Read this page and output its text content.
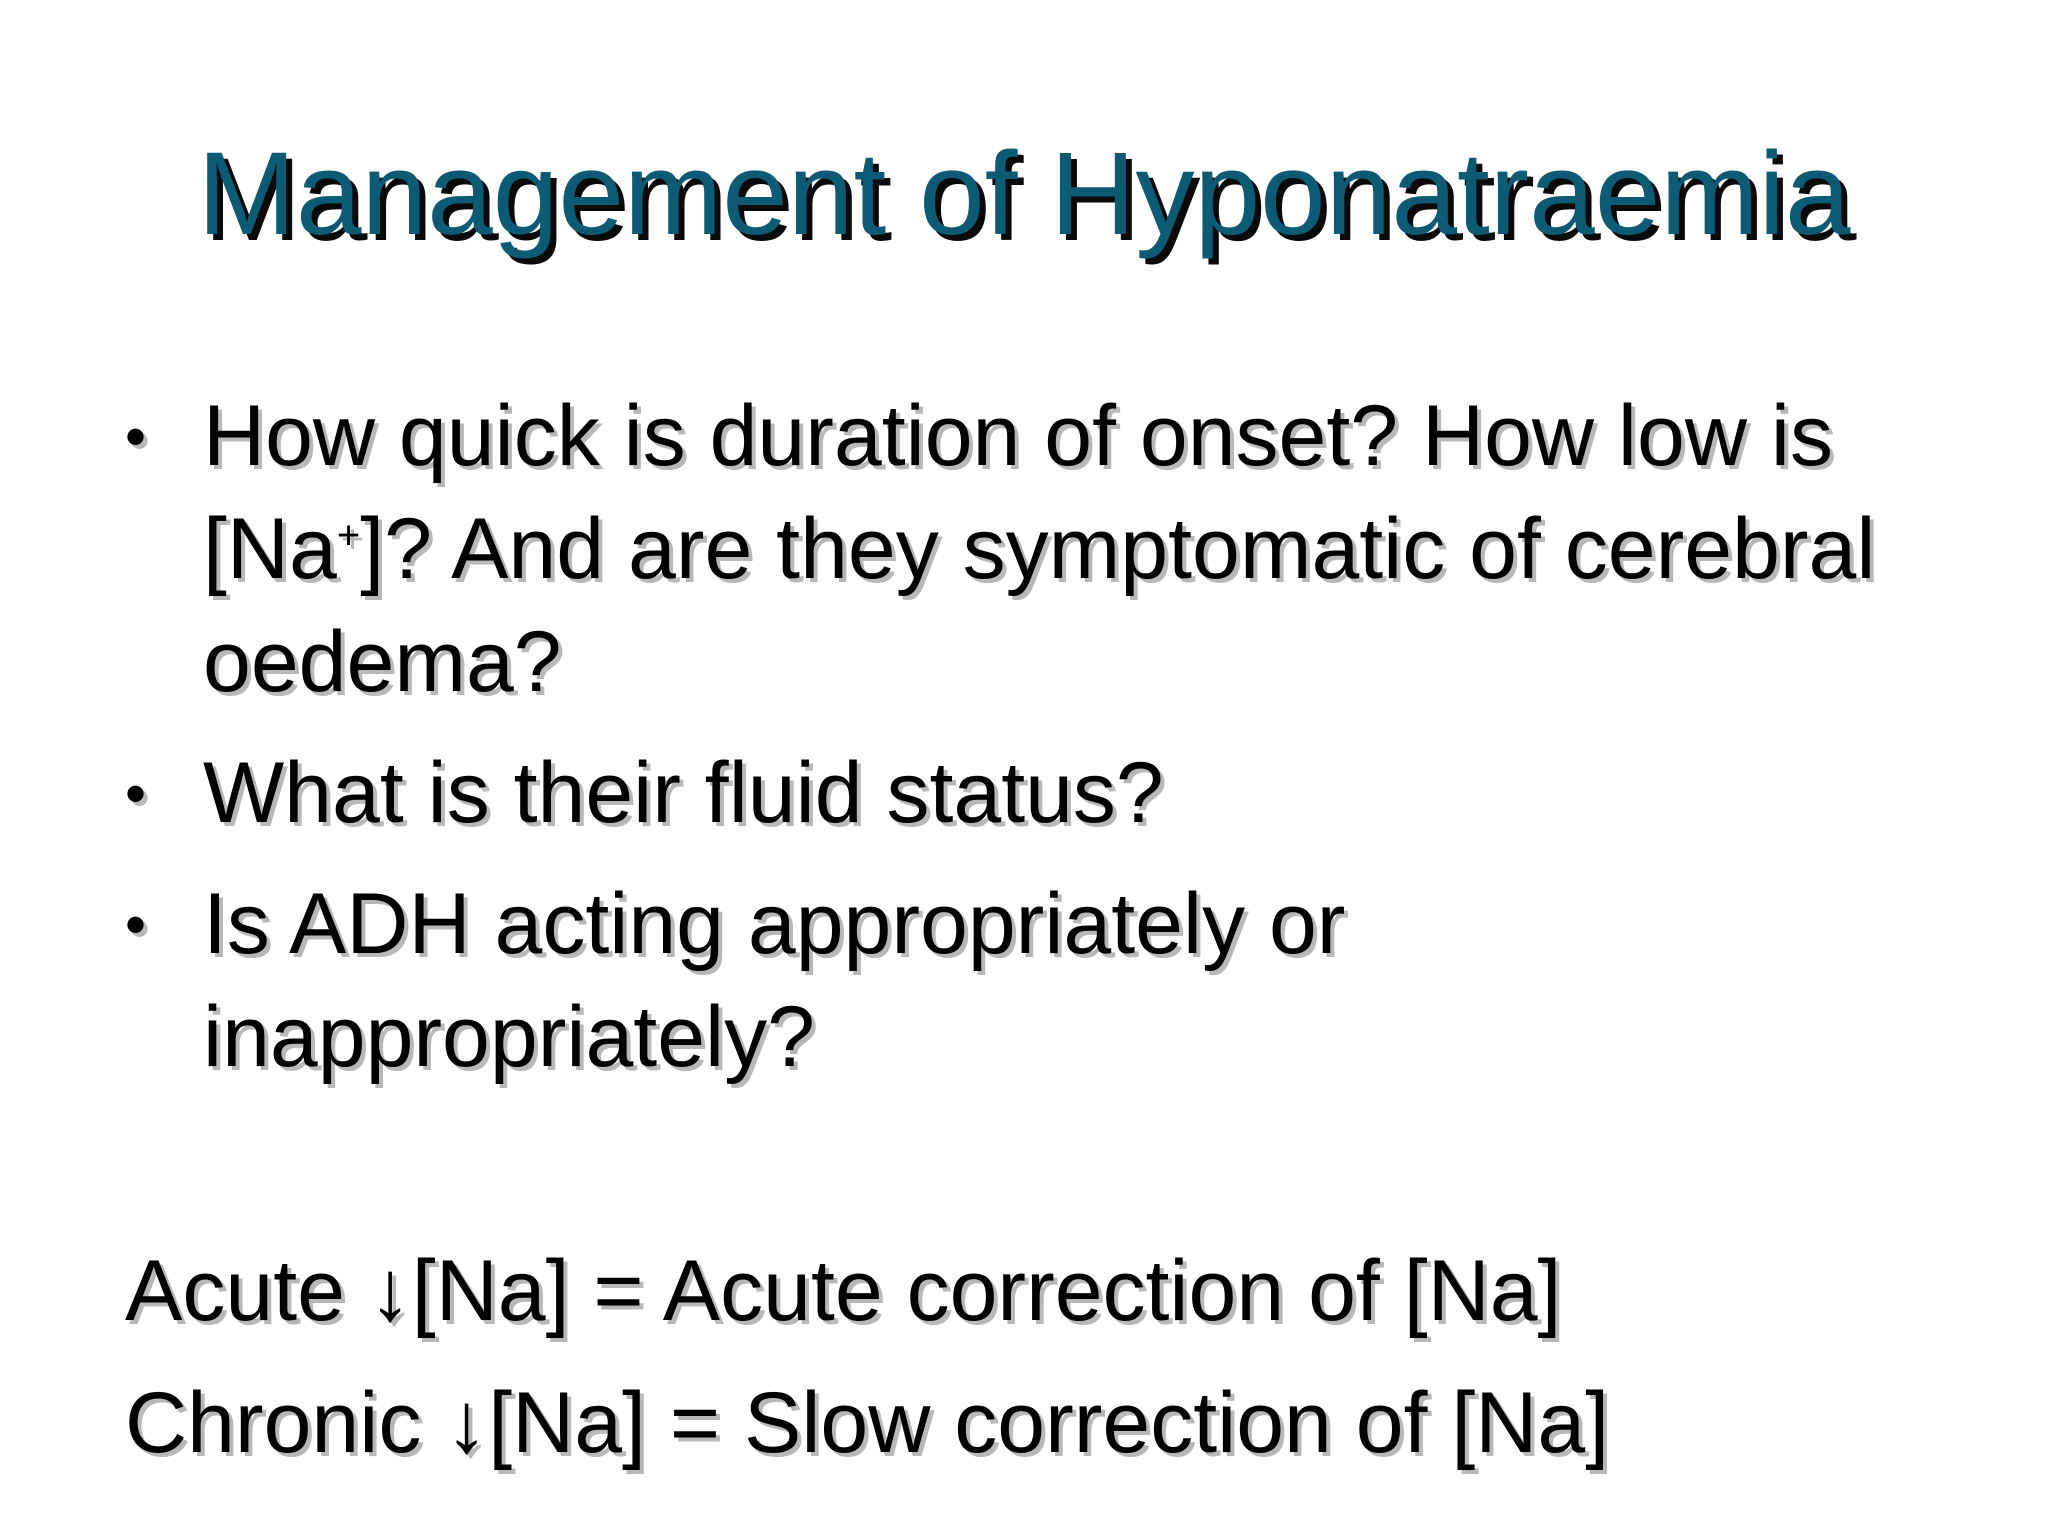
Management of Hyponatraemia
• How quick is duration of onset? How low is [Na+]? And are they symptomatic of cerebral oedema?
• What is their fluid status?
• Is ADH acting appropriately or inappropriately?
Acute ↓[Na] = Acute correction of [Na]
Chronic ↓[Na] = Slow correction of [Na]
